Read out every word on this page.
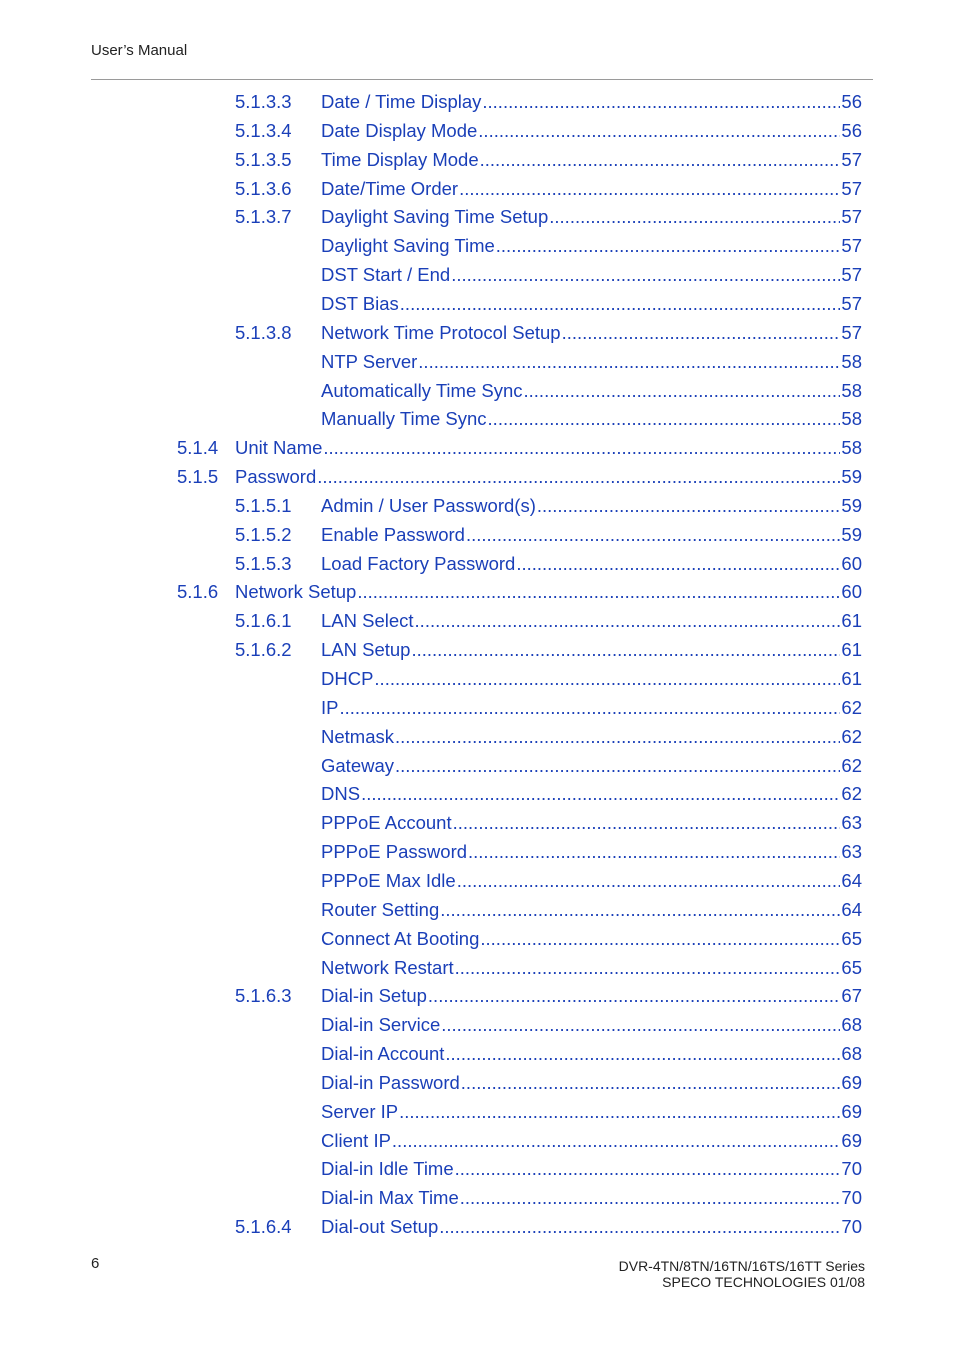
User’s Manual
5.1.3.3 Date / Time Display .....	56
5.1.3.4 Date Display Mode .....	56
5.1.3.5 Time Display Mode .....	57
5.1.3.6 Date/Time Order .....	57
5.1.3.7 Daylight Saving Time Setup .....	57
Daylight Saving Time .....	57
DST Start / End .....	57
DST Bias .....	57
5.1.3.8 Network Time Protocol Setup .....	57
NTP Server .....	58
Automatically Time Sync .....	58
Manually Time Sync .....	58
5.1.4 Unit Name .....	58
5.1.5 Password .....	59
5.1.5.1 Admin / User Password(s) .....	59
5.1.5.2 Enable Password .....	59
5.1.5.3 Load Factory Password .....	60
5.1.6 Network Setup .....	60
5.1.6.1 LAN Select .....	61
5.1.6.2 LAN Setup .....	61
DHCP .....	61
IP .....	62
Netmask .....	62
Gateway .....	62
DNS .....	62
PPPoE Account .....	63
PPPoE Password .....	63
PPPoE Max Idle .....	64
Router Setting .....	64
Connect At Booting .....	65
Network Restart .....	65
5.1.6.3 Dial-in Setup .....	67
Dial-in Service .....	68
Dial-in Account .....	68
Dial-in Password .....	69
Server IP .....	69
Client IP .....	69
Dial-in Idle Time .....	70
Dial-in Max Time .....	70
5.1.6.4 Dial-out Setup .....	70
6	DVR-4TN/8TN/16TN/16TS/16TT Series
SPECO TECHNOLOGIES 01/08
